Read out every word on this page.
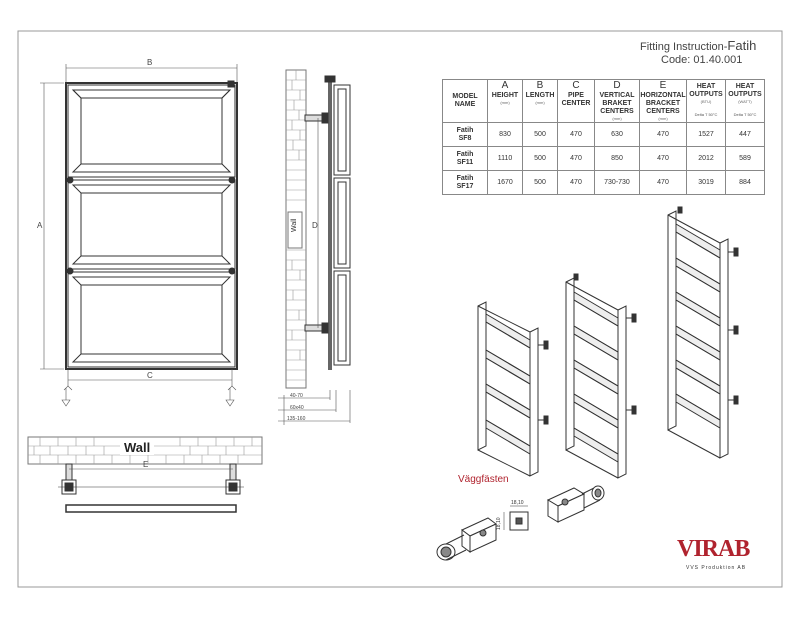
B
A
C
Wall D
40-70
60x40
135-160
E
18,10
18,10
Fitting Instruction-Fatih
Code: 01.40.001
MODEL NAME	A
HEIGHT
(mm)	B
LENGTH
(mm)	C
PIPE CENTER	D
VERTICAL BRAKET CENTERS
(mm)	E
HORIZONTAL BRACKET CENTERS
(mm)	HEAT OUTPUTS
(BTU)
Delta T 50°C	HEAT OUTPUTS
(WATT)
Delta T 50°C

Fatih
SF8	830	500	470	630	470	1527	447
Fatih
SF11	1110	500	470	850	470	2012	589
Fatih
SF17	1670	500	470	730-730	470	3019	884
Wall
Väggfästen
VIRAB
VVS Produktion AB
